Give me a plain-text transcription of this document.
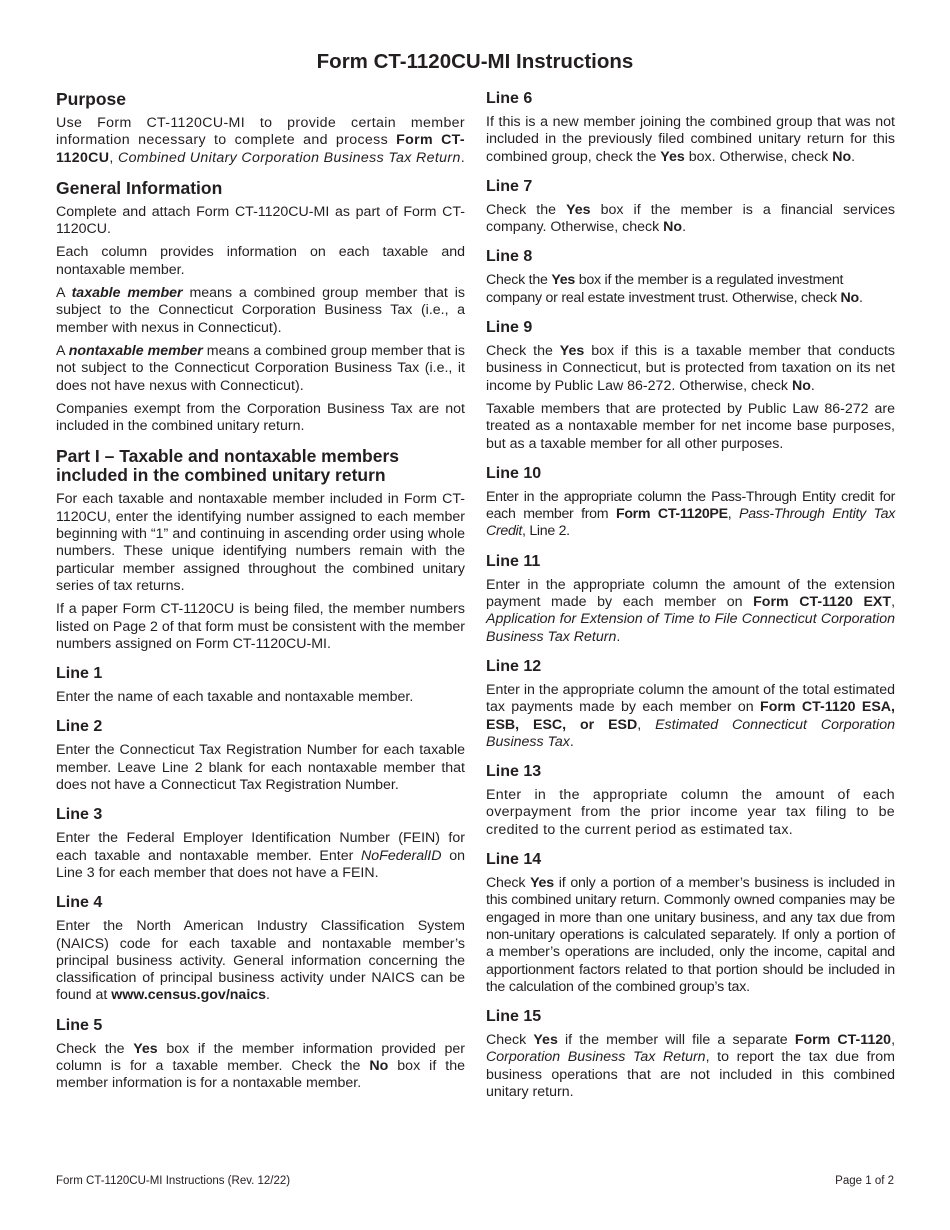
Form CT-1120CU-MI Instructions
Purpose

Use Form CT-1120CU-MI to provide certain member information necessary to complete and process Form CT-1120CU, Combined Unitary Corporation Business Tax Return.

General Information

Complete and attach Form CT-1120CU-MI as part of Form CT-1120CU.

Each column provides information on each taxable and nontaxable member.

A taxable member means a combined group member that is subject to the Connecticut Corporation Business Tax (i.e., a member with nexus in Connecticut).

A nontaxable member means a combined group member that is not subject to the Connecticut Corporation Business Tax (i.e., it does not have nexus with Connecticut).

Companies exempt from the Corporation Business Tax are not included in the combined unitary return.

Part I – Taxable and nontaxable members included in the combined unitary return

For each taxable and nontaxable member included in Form CT-1120CU, enter the identifying number assigned to each member beginning with “1” and continuing in ascending order using whole numbers. These unique identifying numbers remain with the particular member assigned throughout the combined unitary series of tax returns.

If a paper Form CT-1120CU is being filed, the member numbers listed on Page 2 of that form must be consistent with the member numbers assigned on Form CT-1120CU-MI.

Line 1

Enter the name of each taxable and nontaxable member.

Line 2

Enter the Connecticut Tax Registration Number for each taxable member. Leave Line 2 blank for each nontaxable member that does not have a Connecticut Tax Registration Number.

Line 3

Enter the Federal Employer Identification Number (FEIN) for each taxable and nontaxable member. Enter NoFederalID on Line 3 for each member that does not have a FEIN.

Line 4

Enter the North American Industry Classification System (NAICS) code for each taxable and nontaxable member’s principal business activity. General information concerning the classification of principal business activity under NAICS can be found at www.census.gov/naics.

Line 5

Check the Yes box if the member information provided per column is for a taxable member. Check the No box if the member information is for a nontaxable member.

Line 6

If this is a new member joining the combined group that was not included in the previously filed combined unitary return for this combined group, check the Yes box. Otherwise, check No.

Line 7

Check the Yes box if the member is a financial services company. Otherwise, check No.

Line 8

Check the Yes box if the member is a regulated investment company or real estate investment trust. Otherwise, check No.

Line 9

Check the Yes box if this is a taxable member that conducts business in Connecticut, but is protected from taxation on its net income by Public Law 86-272. Otherwise, check No.

Taxable members that are protected by Public Law 86-272 are treated as a nontaxable member for net income base purposes, but as a taxable member for all other purposes.

Line 10

Enter in the appropriate column the Pass-Through Entity credit for each member from Form CT-1120PE, Pass-Through Entity Tax Credit, Line 2.

Line 11

Enter in the appropriate column the amount of the extension payment made by each member on Form CT-1120 EXT, Application for Extension of Time to File Connecticut Corporation Business Tax Return.

Line 12

Enter in the appropriate column the amount of the total estimated tax payments made by each member on Form CT-1120 ESA, ESB, ESC, or ESD, Estimated Connecticut Corporation Business Tax.

Line 13

Enter in the appropriate column the amount of each overpayment from the prior income year tax filing to be credited to the current period as estimated tax.

Line 14

Check Yes if only a portion of a member’s business is included in this combined unitary return. Commonly owned companies may be engaged in more than one unitary business, and any tax due from non-unitary operations is calculated separately. If only a portion of a member’s operations are included, only the income, capital and apportionment factors related to that portion should be included in the calculation of the combined group’s tax.

Line 15

Check Yes if the member will file a separate Form CT-1120, Corporation Business Tax Return, to report the tax due from business operations that are not included in this combined unitary return.

Form CT-1120CU-MI Instructions (Rev. 12/22)	Page 1 of 2
